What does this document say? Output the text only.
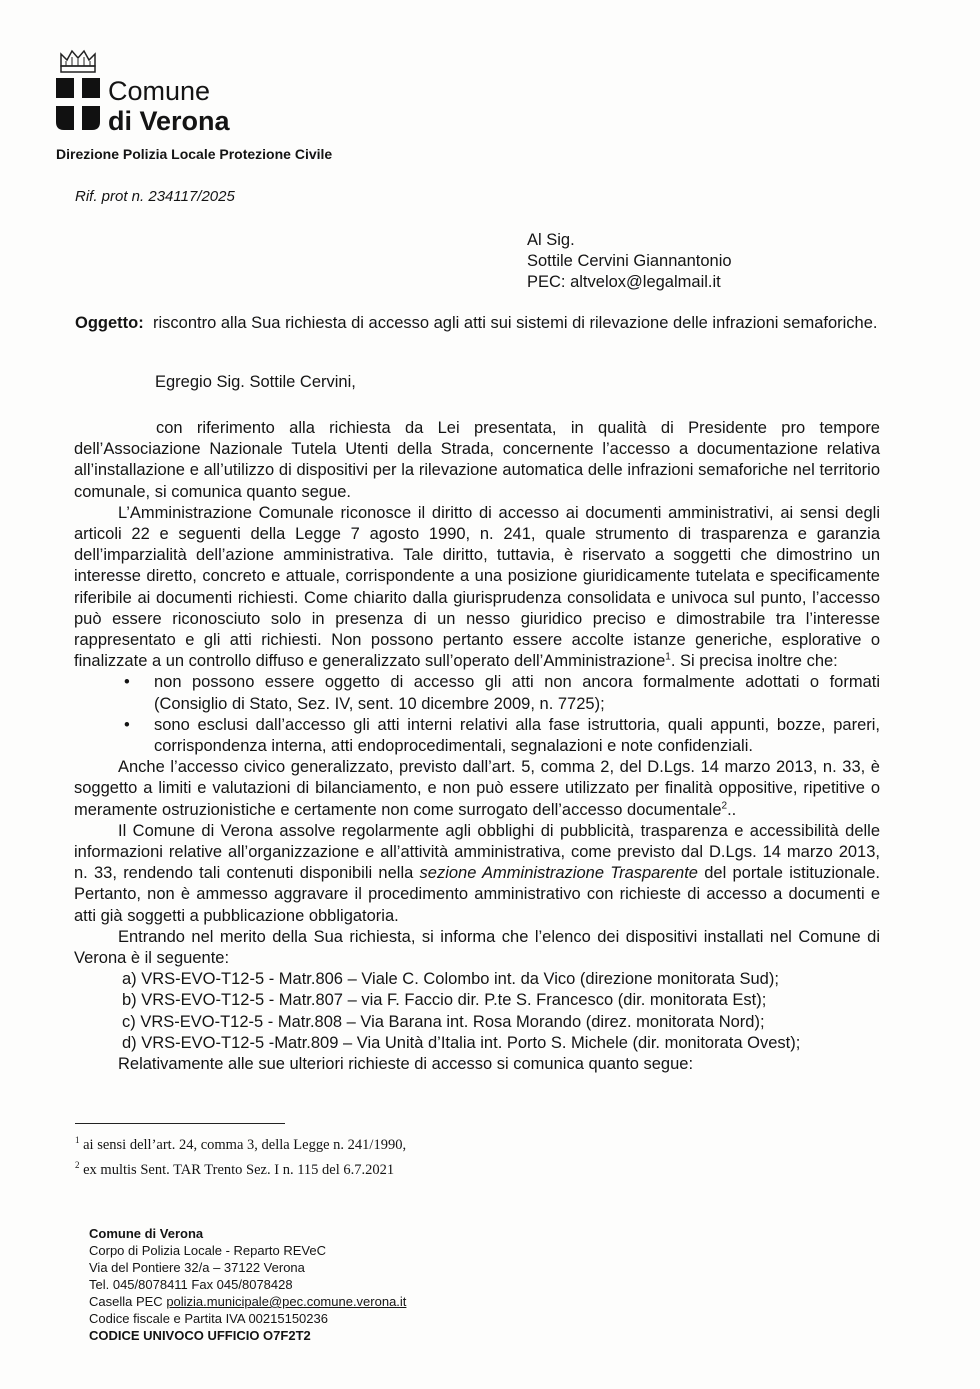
Comune
di Verona
Direzione Polizia Locale Protezione Civile
Rif. prot n. 234117/2025
Al Sig.
Sottile Cervini Giannantonio
PEC: altvelox@legalmail.it
Oggetto: riscontro alla Sua richiesta di accesso agli atti sui sistemi di rilevazione delle infrazioni semaforiche.
Egregio Sig. Sottile Cervini,

con riferimento alla richiesta da Lei presentata, in qualità di Presidente pro tempore dell’Associazione Nazionale Tutela Utenti della Strada, concernente l’accesso a documentazione relativa all’installazione e all’utilizzo di dispositivi per la rilevazione automatica delle infrazioni semaforiche nel territorio comunale, si comunica quanto segue.

L’Amministrazione Comunale riconosce il diritto di accesso ai documenti amministrativi, ai sensi degli articoli 22 e seguenti della Legge 7 agosto 1990, n. 241, quale strumento di trasparenza e garanzia dell’imparzialità dell’azione amministrativa. Tale diritto, tuttavia, è riservato a soggetti che dimostrino un interesse diretto, concreto e attuale, corrispondente a una posizione giuridicamente tutelata e specificamente riferibile ai documenti richiesti. Come chiarito dalla giurisprudenza consolidata e univoca sul punto, l’accesso può essere riconosciuto solo in presenza di un nesso giuridico preciso e dimostrabile tra l’interesse rappresentato e gli atti richiesti. Non possono pertanto essere accolte istanze generiche, esplorative o finalizzate a un controllo diffuso e generalizzato sull’operato dell’Amministrazione$^1$. Si precisa inoltre che:

• non possono essere oggetto di accesso gli atti non ancora formalmente adottati o formati (Consiglio di Stato, Sez. IV, sent. 10 dicembre 2009, n. 7725);
• sono esclusi dall’accesso gli atti interni relativi alla fase istruttoria, quali appunti, bozze, pareri, corrispondenza interna, atti endoprocedimentali, segnalazioni e note confidenziali.

Anche l’accesso civico generalizzato, previsto dall’art. 5, comma 2, del D.Lgs. 14 marzo 2013, n. 33, è soggetto a limiti e valutazioni di bilanciamento, e non può essere utilizzato per finalità oppositive, ripetitive o meramente ostruzionistiche e certamente non come surrogato dell’accesso documentale$^2$..

Il Comune di Verona assolve regolarmente agli obblighi di pubblicità, trasparenza e accessibilità delle informazioni relative all’organizzazione e all’attività amministrativa, come previsto dal D.Lgs. 14 marzo 2013, n. 33, rendendo tali contenuti disponibili nella sezione Amministrazione Trasparente del portale istituzionale. Pertanto, non è ammesso aggravare il procedimento amministrativo con richieste di accesso a documenti e atti già soggetti a pubblicazione obbligatoria.

Entrando nel merito della Sua richiesta, si informa che l’elenco dei dispositivi installati nel Comune di Verona è il seguente:

a) VRS-EVO-T12-5 - Matr.806 – Viale C. Colombo int. da Vico (direzione monitorata Sud);
b) VRS-EVO-T12-5 - Matr.807 – via F. Faccio dir. P.te S. Francesco (dir. monitorata Est);
c) VRS-EVO-T12-5 - Matr.808 – Via Barana int. Rosa Morando (direz. monitorata Nord);
d) VRS-EVO-T12-5 -Matr.809 – Via Unità d’Italia int. Porto S. Michele (dir. monitorata Ovest);

Relativamente alle sue ulteriori richieste di accesso si comunica quanto segue:

$^1$ ai sensi dell’art. 24, comma 3, della Legge n. 241/1990,
$^2$ ex multis Sent. TAR Trento Sez. I n. 115 del 6.7.2021
Comune di Verona
Corpo di Polizia Locale - Reparto REVeC
Via del Pontiere 32/a – 37122 Verona
Tel. 045/8078411 Fax 045/8078428
Casella PEC polizia.municipale@pec.comune.verona.it
Codice fiscale e Partita IVA 00215150236
CODICE UNIVOCO UFFICIO O7F2T2
